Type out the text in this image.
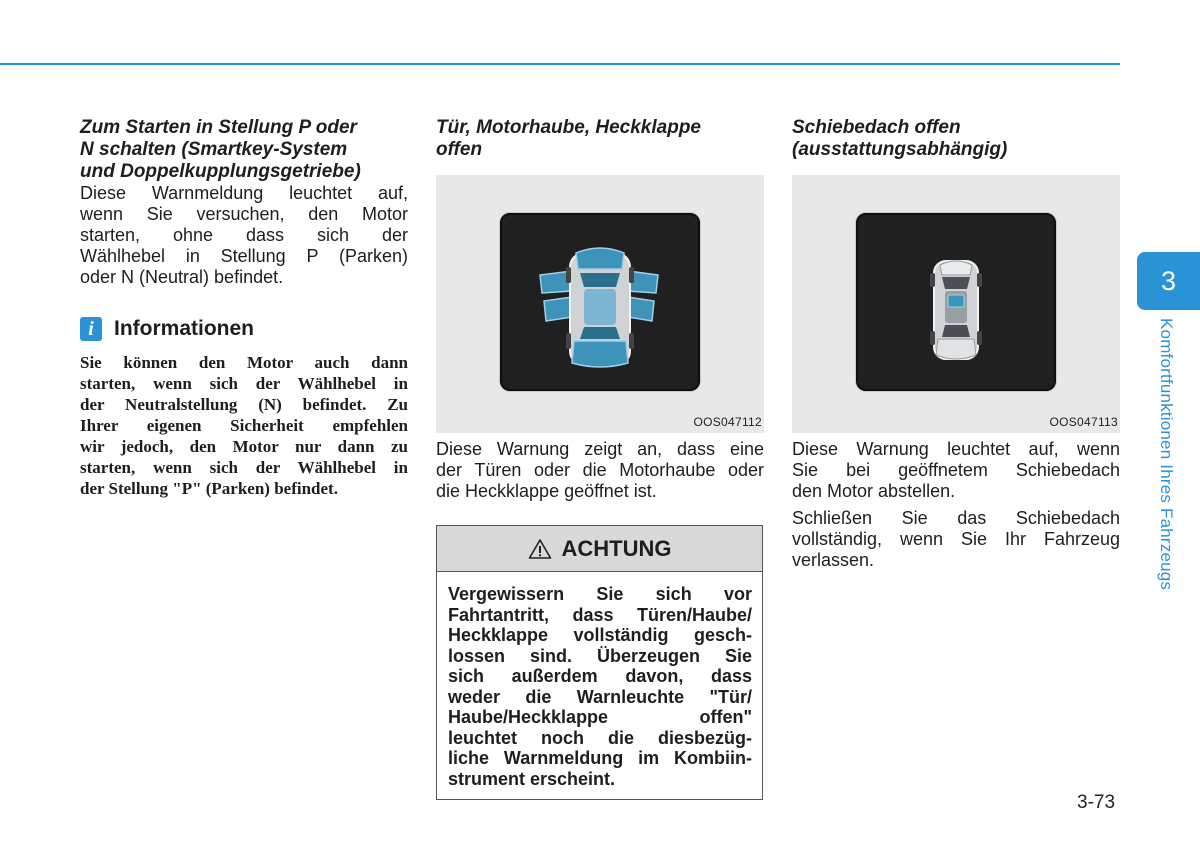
Zum Starten in Stellung P oder
N schalten (Smartkey-System
und Doppelkupplungsgetriebe)

Diese Warnmeldung leuchtet auf,
wenn Sie versuchen, den Motor
starten, ohne dass sich der
Wählhebel in Stellung P (Parken)
oder N (Neutral) befindet.

i Informationen
Sie können den Motor auch dann
starten, wenn sich der Wählhebel in
der Neutralstellung (N) befindet. Zu
Ihrer eigenen Sicherheit empfehlen
wir jedoch, den Motor nur dann zu
starten, wenn sich der Wählhebel in
der Stellung "P" (Parken) befindet.
Tür, Motorhaube, Heckklappe
offen
OOS047112

Diese Warnung zeigt an, dass eine
der Türen oder die Motorhaube oder
die Heckklappe geöffnet ist.

ACHTUNG
Vergewissern Sie sich vor
Fahrtantritt, dass Türen/Haube/
Heckklappe vollständig gesch-
lossen sind. Überzeugen Sie
sich außerdem davon, dass
weder die Warnleuchte "Tür/
Haube/Heckklappe offen"
leuchtet noch die diesbezüg-
liche Warnmeldung im Kombiin-
strument erscheint.
Schiebedach offen
(ausstattungsabhängig)
OOS047113

Diese Warnung leuchtet auf, wenn
Sie bei geöffnetem Schiebedach
den Motor abstellen.

Schließen Sie das Schiebedach
vollständig, wenn Sie Ihr Fahrzeug
verlassen.

3
Komfortfunktionen Ihres Fahrzeugs
3-73
